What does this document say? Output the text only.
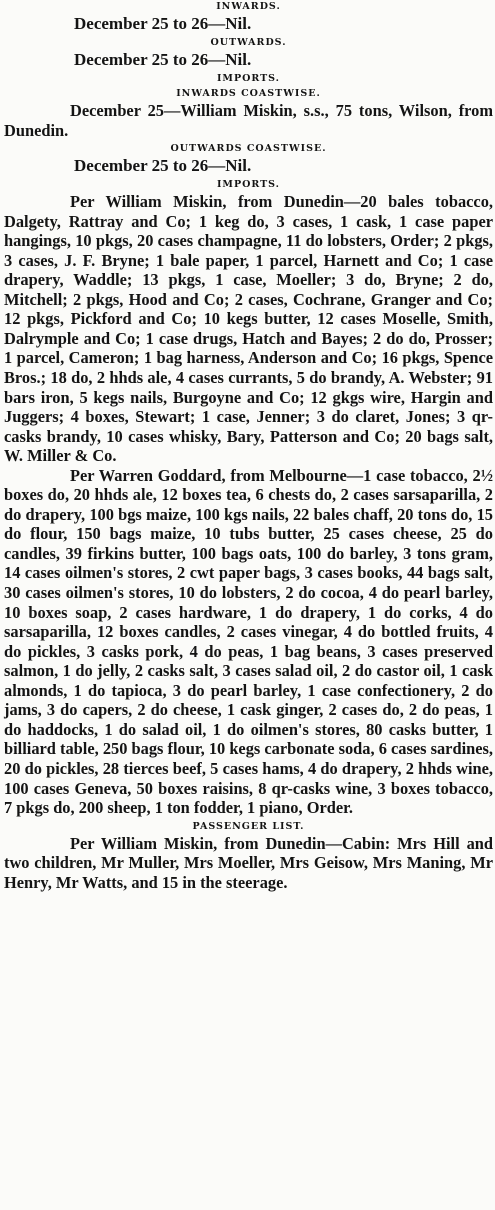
INWARDS.

December 25 to 26—Nil.

OUTWARDS.

December 25 to 26—Nil.

IMPORTS.
INWARDS COASTWISE.

December 25—William Miskin, s.s., 75 tons, Wilson, from Dunedin.

OUTWARDS COASTWISE.

December 25 to 26—Nil.

IMPORTS.

Per William Miskin, from Dunedin—20 bales tobacco, Dalgety, Rattray and Co; 1 keg do, 3 cases, 1 cask, 1 case paper hangings, 10 pkgs, 20 cases champagne, 11 do lobsters, Order; 2 pkgs, 3 cases, J. F. Bryne; 1 bale paper, 1 parcel, Harnett and Co; 1 case drapery, Waddle; 13 pkgs, 1 case, Moeller; 3 do, Bryne; 2 do, Mitchell; 2 pkgs, Hood and Co; 2 cases, Cochrane, Granger and Co; 12 pkgs, Pickford and Co; 10 kegs butter, 12 cases Moselle, Smith, Dalrymple and Co; 1 case drugs, Hatch and Bayes; 2 do do, Prosser; 1 parcel, Cameron; 1 bag harness, Anderson and Co; 16 pkgs, Spence Bros.; 18 do, 2 hhds ale, 4 cases currants, 5 do brandy, A. Webster; 91 bars iron, 5 kegs nails, Burgoyne and Co; 12 gkgs wire, Hargin and Juggers; 4 boxes, Stewart; 1 case, Jenner; 3 do claret, Jones; 3 qr-casks brandy, 10 cases whisky, Bary, Patterson and Co; 20 bags salt, W. Miller & Co.

Per Warren Goddard, from Melbourne—1 case tobacco, 2½ boxes do, 20 hhds ale, 12 boxes tea, 6 chests do, 2 cases sarsaparilla, 2 do drapery, 100 bgs maize, 100 kgs nails, 22 bales chaff, 20 tons do, 15 do flour, 150 bags maize, 10 tubs butter, 25 cases cheese, 25 do candles, 39 firkins butter, 100 bags oats, 100 do barley, 3 tons gram, 14 cases oilmen's stores, 2 cwt paper bags, 3 cases books, 44 bags salt, 30 cases oilmen's stores, 10 do lobsters, 2 do cocoa, 4 do pearl barley, 10 boxes soap, 2 cases hardware, 1 do drapery, 1 do corks, 4 do sarsaparilla, 12 boxes candles, 2 cases vinegar, 4 do bottled fruits, 4 do pickles, 3 casks pork, 4 do peas, 1 bag beans, 3 cases preserved salmon, 1 do jelly, 2 casks salt, 3 cases salad oil, 2 do castor oil, 1 cask almonds, 1 do tapioca, 3 do pearl barley, 1 case confectionery, 2 do jams, 3 do capers, 2 do cheese, 1 cask ginger, 2 cases do, 2 do peas, 1 do haddocks, 1 do salad oil, 1 do oilmen's stores, 80 casks butter, 1 billiard table, 250 bags flour, 10 kegs carbonate soda, 6 cases sardines, 20 do pickles, 28 tierces beef, 5 cases hams, 4 do drapery, 2 hhds wine, 100 cases Geneva, 50 boxes raisins, 8 qr-casks wine, 3 boxes tobacco, 7 pkgs do, 200 sheep, 1 ton fodder, 1 piano, Order.

PASSENGER LIST.

Per William Miskin, from Dunedin—Cabin: Mrs Hill and two children, Mr Muller, Mrs Moeller, Mrs Geisow, Mrs Maning, Mr Henry, Mr Watts, and 15 in the steerage.
